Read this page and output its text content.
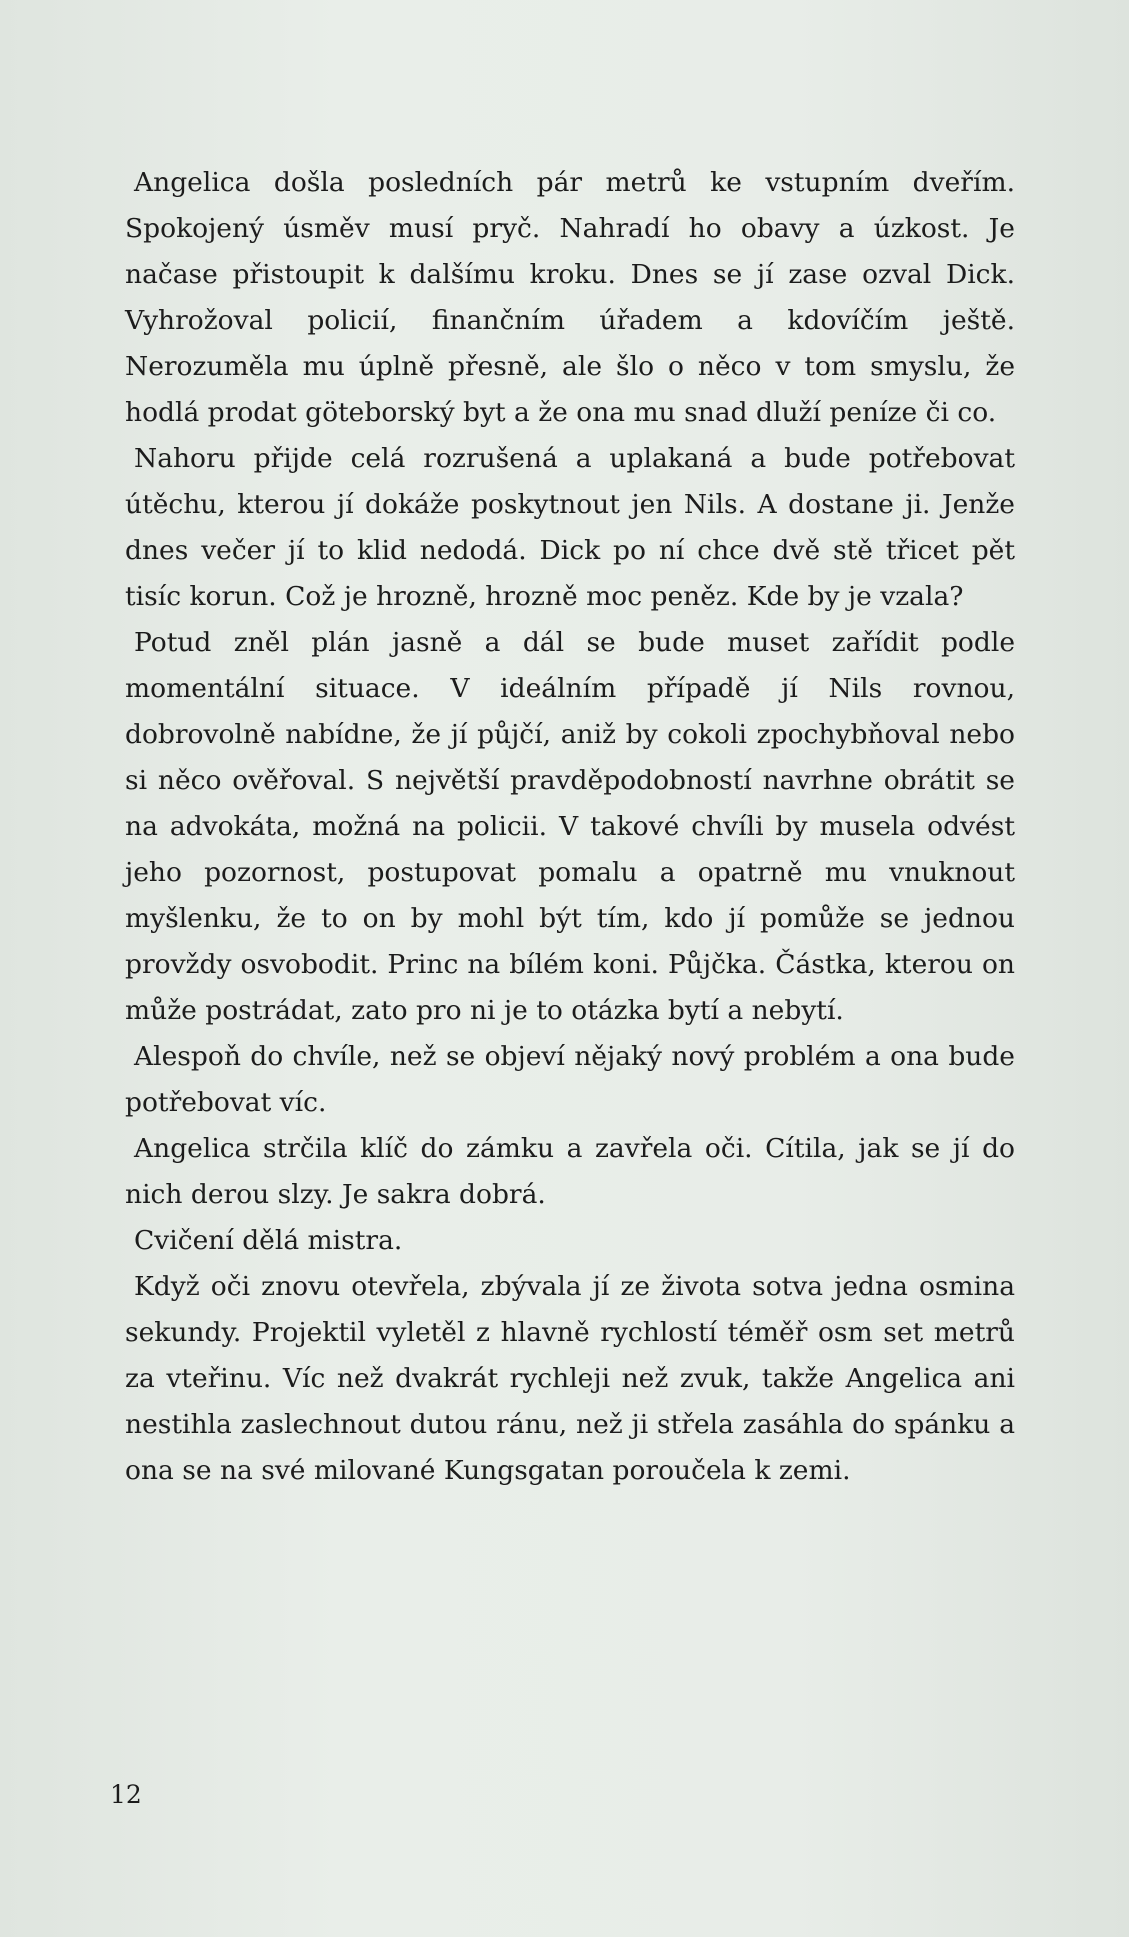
Angelica došla posledních pár metrů ke vstupním dveřím. Spokojený úsměv musí pryč. Nahradí ho obavy a úzkost. Je načase přistoupit k dalšímu kroku. Dnes se jí zase ozval Dick. Vyhrožoval policií, finančním úřadem a kdovíčím ještě. Nerozuměla mu úplně přesně, ale šlo o něco v tom smyslu, že hodlá prodat göteborský byt a že ona mu snad dluží peníze či co.

Nahoru přijde celá rozrušená a uplakaná a bude potřebovat útěchu, kterou jí dokáže poskytnout jen Nils. A dostane ji. Jenže dnes večer jí to klid nedodá. Dick po ní chce dvě stě třicet pět tisíc korun. Což je hrozně, hrozně moc peněz. Kde by je vzala?

Potud zněl plán jasně a dál se bude muset zařídit podle momentální situace. V ideálním případě jí Nils rovnou, dobrovolně nabídne, že jí půjčí, aniž by cokoli zpochybňoval nebo si něco ověřoval. S největší pravděpodobností navrhne obrátit se na advokáta, možná na policii. V takové chvíli by musela odvést jeho pozornost, postupovat pomalu a opatrně mu vnuknout myšlenku, že to on by mohl být tím, kdo jí pomůže se jednou provždy osvobodit. Princ na bílém koni. Půjčka. Částka, kterou on může postrádat, zato pro ni je to otázka bytí a nebytí.

Alespoň do chvíle, než se objeví nějaký nový problém a ona bude potřebovat víc.

Angelica strčila klíč do zámku a zavřela oči. Cítila, jak se jí do nich derou slzy. Je sakra dobrá.

Cvičení dělá mistra.

Když oči znovu otevřela, zbývala jí ze života sotva jedna osmina sekundy. Projektil vyletěl z hlavně rychlostí téměř osm set metrů za vteřinu. Víc než dvakrát rychleji než zvuk, takže Angelica ani nestihla zaslechnout dutou ránu, než ji střela zasáhla do spánku a ona se na své milované Kungsgatan poroučela k zemi.

12
